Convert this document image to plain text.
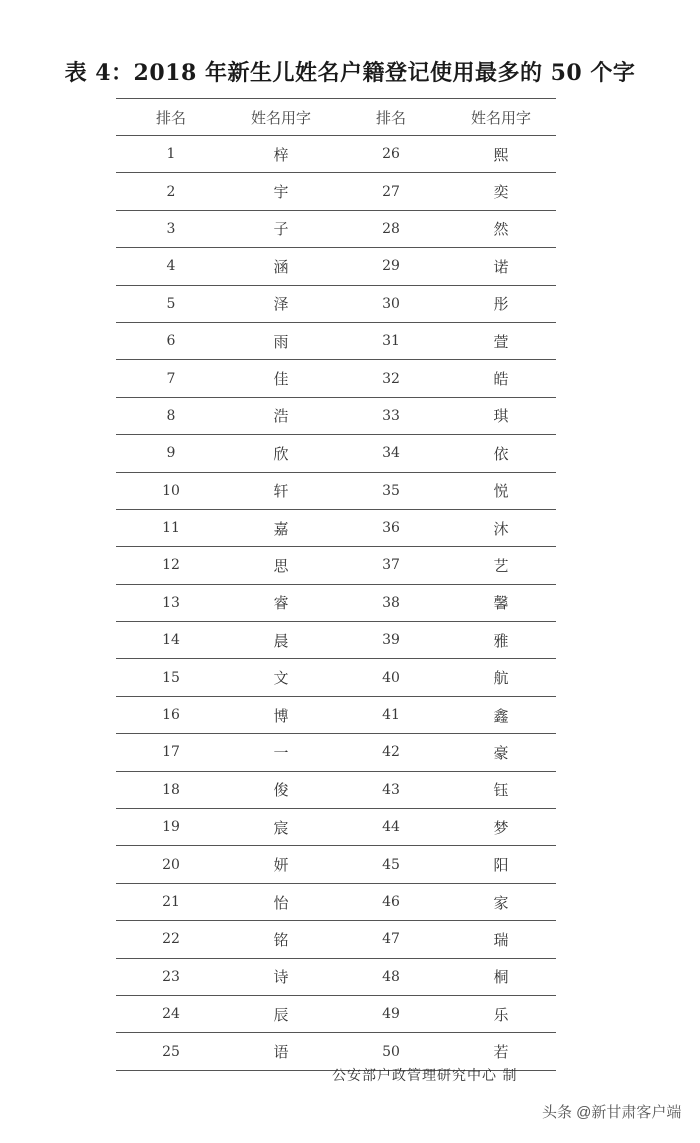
表 4：2018 年新生儿姓名户籍登记使用最多的 50 个字
排名	姓名用字	排名	姓名用字
1	梓	26	熙
2	宇	27	奕
3	子	28	然
4	涵	29	诺
5	泽	30	彤
6	雨	31	萱
7	佳	32	皓
8	浩	33	琪
9	欣	34	依
10	轩	35	悦
11	嘉	36	沐
12	思	37	艺
13	睿	38	馨
14	晨	39	雅
15	文	40	航
16	博	41	鑫
17	一	42	豪
18	俊	43	钰
19	宸	44	梦
20	妍	45	阳
21	怡	46	家
22	铭	47	瑞
23	诗	48	桐
24	辰	49	乐
25	语	50	若
公安部户政管理研究中心 制
头条 @新甘肃客户端
